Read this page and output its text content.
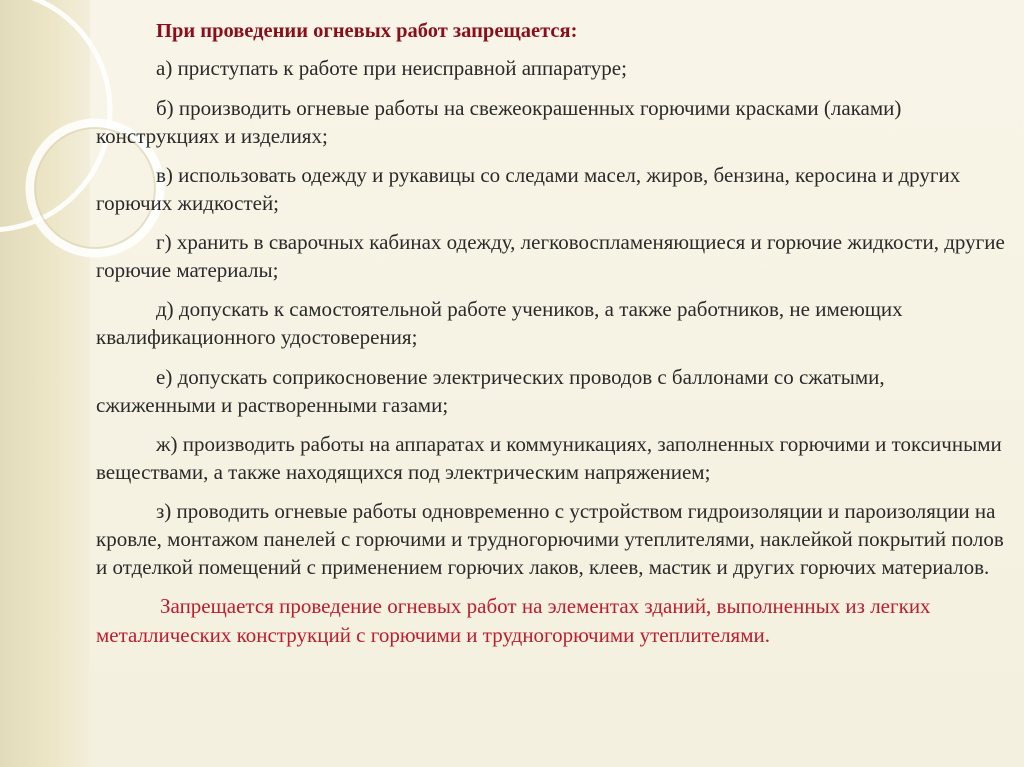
При проведении огневых работ запрещается:

а) приступать к работе при неисправной аппаратуре;

б) производить огневые работы на свежеокрашенных горючими красками (лаками) конструкциях и изделиях;

в) использовать одежду и рукавицы со следами масел, жиров, бензина, керосина и других горючих жидкостей;

г) хранить в сварочных кабинах одежду, легковоспламеняющиеся и горючие жидкости, другие горючие материалы;

д) допускать к самостоятельной работе учеников, а также работников, не имеющих квалификационного удостоверения;

е) допускать соприкосновение электрических проводов с баллонами со сжатыми, сжиженными и растворенными газами;

ж) производить работы на аппаратах и коммуникациях, заполненных горючими и токсичными веществами, а также находящихся под электрическим напряжением;

з) проводить огневые работы одновременно с устройством гидроизоляции и пароизоляции на кровле, монтажом панелей с горючими и трудногорючими утеплителями, наклейкой покрытий полов и отделкой помещений с применением горючих лаков, клеев, мастик и других горючих материалов.

Запрещается проведение огневых работ на элементах зданий, выполненных из легких металлических конструкций с горючими и трудногорючими утеплителями.
